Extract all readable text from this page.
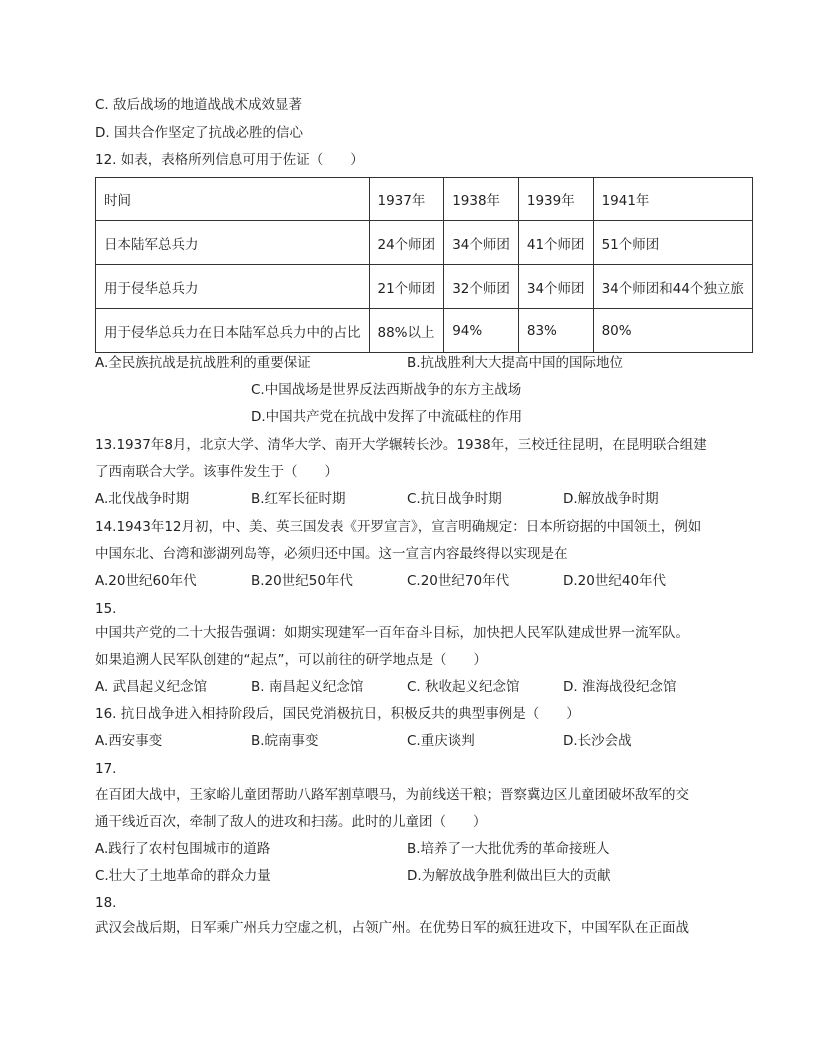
C. 敌后战场的地道战战术成效显著
D. 国共合作坚定了抗战必胜的信心
12. 如表，表格所列信息可用于佐证（　　）
时间	1937年	1938年	1939年	1941年
日本陆军总兵力	24个师团	34个师团	41个师团	51个师团
用于侵华总兵力	21个师团	32个师团	34个师团	34个师团和44个独立旅
用于侵华总兵力在日本陆军总兵力中的占比	88%以上	94%	83%	80%
A.全民族抗战是抗战胜利的重要保证	B.抗战胜利大大提高中国的国际地位
C.中国战场是世界反法西斯战争的东方主战场
D.中国共产党在抗战中发挥了中流砥柱的作用
13.1937年8月，北京大学、清华大学、南开大学辗转长沙。1938年，三校迁往昆明，在昆明联合组建
了西南联合大学。该事件发生于（　　）
A.北伐战争时期	B.红军长征时期	C.抗日战争时期	D.解放战争时期
14.1943年12月初，中、美、英三国发表《开罗宣言》，宣言明确规定：日本所窃据的中国领土，例如
中国东北、台湾和澎湖列岛等，必须归还中国。这一宣言内容最终得以实现是在
A.20世纪60年代	B.20世纪50年代	C.20世纪70年代	D.20世纪40年代
15.
中国共产党的二十大报告强调：如期实现建军一百年奋斗目标，加快把人民军队建成世界一流军队。
如果追溯人民军队创建的“起点”，可以前往的研学地点是（　　）
A. 武昌起义纪念馆	B. 南昌起义纪念馆	C. 秋收起义纪念馆	D. 淮海战役纪念馆
16. 抗日战争进入相持阶段后，国民党消极抗日，积极反共的典型事例是（　　）
A.西安事变	B.皖南事变	C.重庆谈判	D.长沙会战
17.
在百团大战中，王家峪儿童团帮助八路军割草喂马，为前线送干粮；晋察冀边区儿童团破坏敌军的交
通干线近百次，牵制了敌人的进攻和扫荡。此时的儿童团（　　）
A.践行了农村包围城市的道路	B.培养了一大批优秀的革命接班人
C.壮大了土地革命的群众力量	D.为解放战争胜利做出巨大的贡献
18.
武汉会战后期，日军乘广州兵力空虚之机，占领广州。在优势日军的疯狂进攻下，中国军队在正面战
